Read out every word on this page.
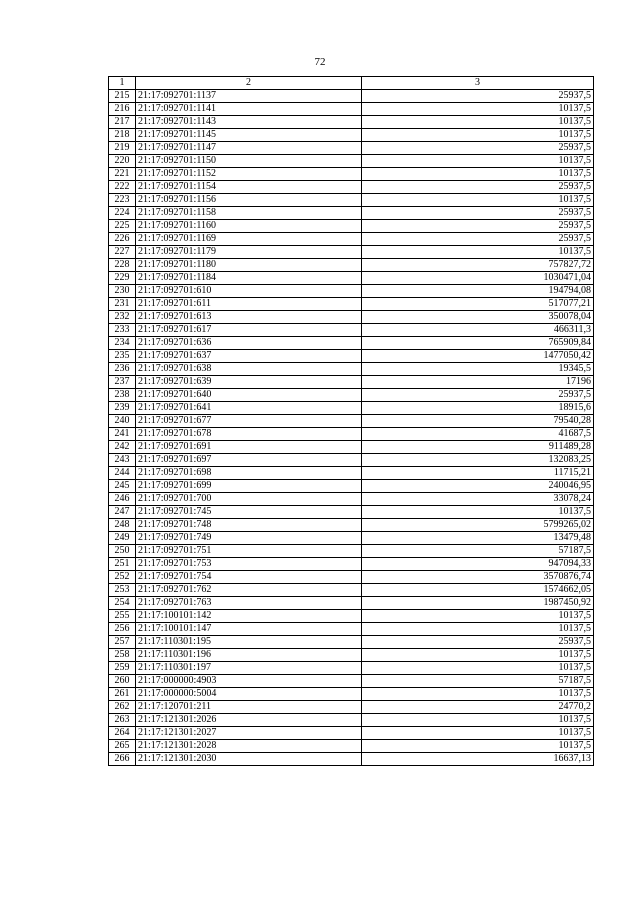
72
1	2	3
215	21:17:092701:1137	25937,5
216	21:17:092701:1141	10137,5
217	21:17:092701:1143	10137,5
218	21:17:092701:1145	10137,5
219	21:17:092701:1147	25937,5
220	21:17:092701:1150	10137,5
221	21:17:092701:1152	10137,5
222	21:17:092701:1154	25937,5
223	21:17:092701:1156	10137,5
224	21:17:092701:1158	25937,5
225	21:17:092701:1160	25937,5
226	21:17:092701:1169	25937,5
227	21:17:092701:1179	10137,5
228	21:17:092701:1180	757827,72
229	21:17:092701:1184	1030471,04
230	21:17:092701:610	194794,08
231	21:17:092701:611	517077,21
232	21:17:092701:613	350078,04
233	21:17:092701:617	466311,3
234	21:17:092701:636	765909,84
235	21:17:092701:637	1477050,42
236	21:17:092701:638	19345,5
237	21:17:092701:639	17196
238	21:17:092701:640	25937,5
239	21:17:092701:641	18915,6
240	21:17:092701:677	79540,28
241	21:17:092701:678	41687,5
242	21:17:092701:691	911489,28
243	21:17:092701:697	132083,25
244	21:17:092701:698	11715,21
245	21:17:092701:699	240046,95
246	21:17:092701:700	33078,24
247	21:17:092701:745	10137,5
248	21:17:092701:748	5799265,02
249	21:17:092701:749	13479,48
250	21:17:092701:751	57187,5
251	21:17:092701:753	947094,33
252	21:17:092701:754	3570876,74
253	21:17:092701:762	1574662,05
254	21:17:092701:763	1987450,92
255	21:17:100101:142	10137,5
256	21:17:100101:147	10137,5
257	21:17:110301:195	25937,5
258	21:17:110301:196	10137,5
259	21:17:110301:197	10137,5
260	21:17:000000:4903	57187,5
261	21:17:000000:5004	10137,5
262	21:17:120701:211	24770,2
263	21:17:121301:2026	10137,5
264	21:17:121301:2027	10137,5
265	21:17:121301:2028	10137,5
266	21:17:121301:2030	16637,13
